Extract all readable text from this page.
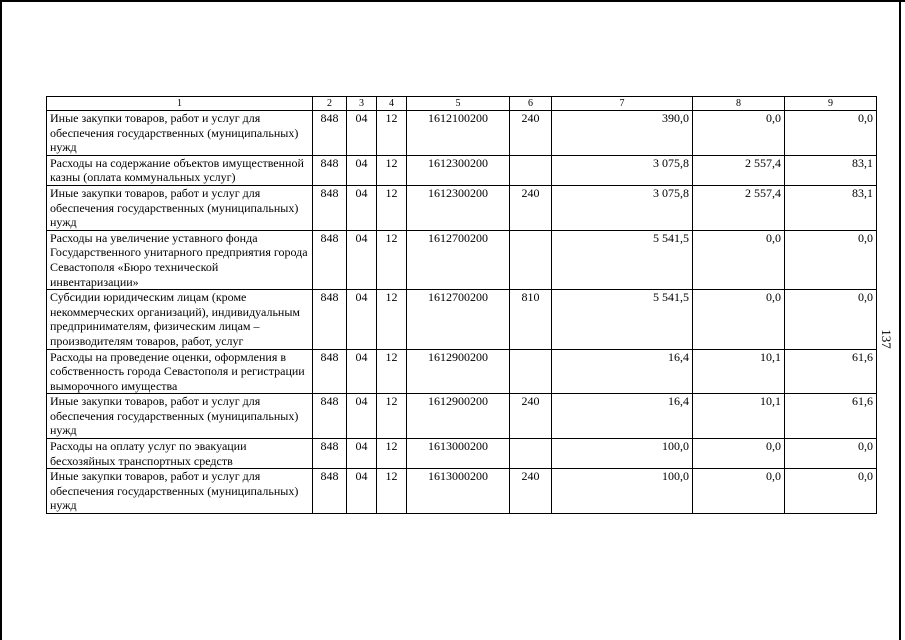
1	2	3	4	5	6	7	8	9
Иные закупки товаров, работ и услуг для обеспечения государственных (муниципальных) нужд	848	04	12	1612100200	240	390,0	0,0	0,0
Расходы на содержание объектов имущественной казны (оплата коммунальных услуг)	848	04	12	1612300200		3 075,8	2 557,4	83,1
Иные закупки товаров, работ и услуг для обеспечения государственных (муниципальных) нужд	848	04	12	1612300200	240	3 075,8	2 557,4	83,1
Расходы на увеличение уставного фонда Государственного унитарного предприятия города Севастополя «Бюро технической инвентаризации»	848	04	12	1612700200		5 541,5	0,0	0,0
Субсидии юридическим лицам (кроме некоммерческих организаций), индивидуальным предпринимателям, физическим лицам – производителям товаров, работ, услуг	848	04	12	1612700200	810	5 541,5	0,0	0,0
Расходы на проведение оценки, оформления в собственность города Севастополя и регистрации выморочного имущества	848	04	12	1612900200		16,4	10,1	61,6
Иные закупки товаров, работ и услуг для обеспечения государственных (муниципальных) нужд	848	04	12	1612900200	240	16,4	10,1	61,6
Расходы на оплату услуг по эвакуации бесхозяйных транспортных средств	848	04	12	1613000200		100,0	0,0	0,0
Иные закупки товаров, работ и услуг для обеспечения государственных (муниципальных) нужд	848	04	12	1613000200	240	100,0	0,0	0,0
137
